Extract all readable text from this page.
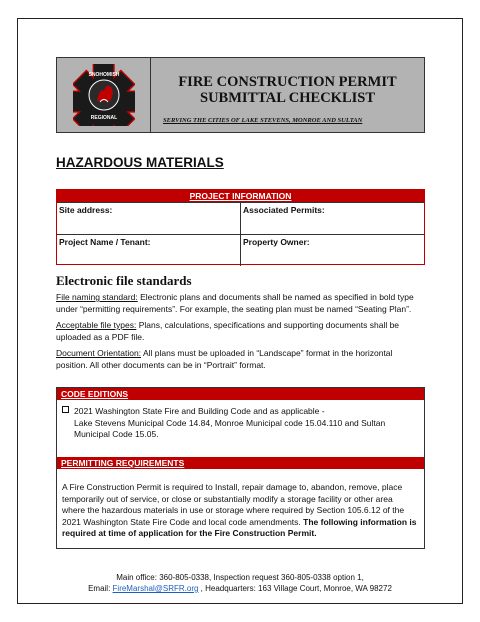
SNOHOMISH
REGIONAL
FIRE CONSTRUCTION PERMIT
SUBMITTAL CHECKLIST
SERVING THE CITIES OF LAKE STEVENS, MONROE AND SULTAN
HAZARDOUS MATERIALS
PROJECT INFORMATION
Site address:	Associated Permits:
Project Name / Tenant:	Property Owner:
Electronic file standards
File naming standard: Electronic plans and documents shall be named as specified in bold type under “permitting requirements”. For example, the seating plan must be named “Seating Plan”.
Acceptable file types: Plans, calculations, specifications and supporting documents shall be uploaded as a PDF file.
Document Orientation: All plans must be uploaded in “Landscape” format in the horizontal position. All other documents can be in “Portrait” format.
CODE EDITIONS
2021 Washington State Fire and Building Code and as applicable -
Lake Stevens Municipal Code 14.84, Monroe Municipal code 15.04.110 and Sultan Municipal Code 15.05.
PERMITTING REQUIREMENTS
A Fire Construction Permit is required to Install, repair damage to, abandon, remove, place temporarily out of service, or close or substantially modify a storage facility or other area where the hazardous materials in use or storage where required by Section 105.6.12 of the 2021 Washington State Fire Code and local code amendments. The following information is required at time of application for the Fire Construction Permit.
Main office: 360-805-0338, Inspection request 360-805-0338 option 1,
Email: FireMarshal@SRFR.org , Headquarters: 163 Village Court, Monroe, WA 98272
